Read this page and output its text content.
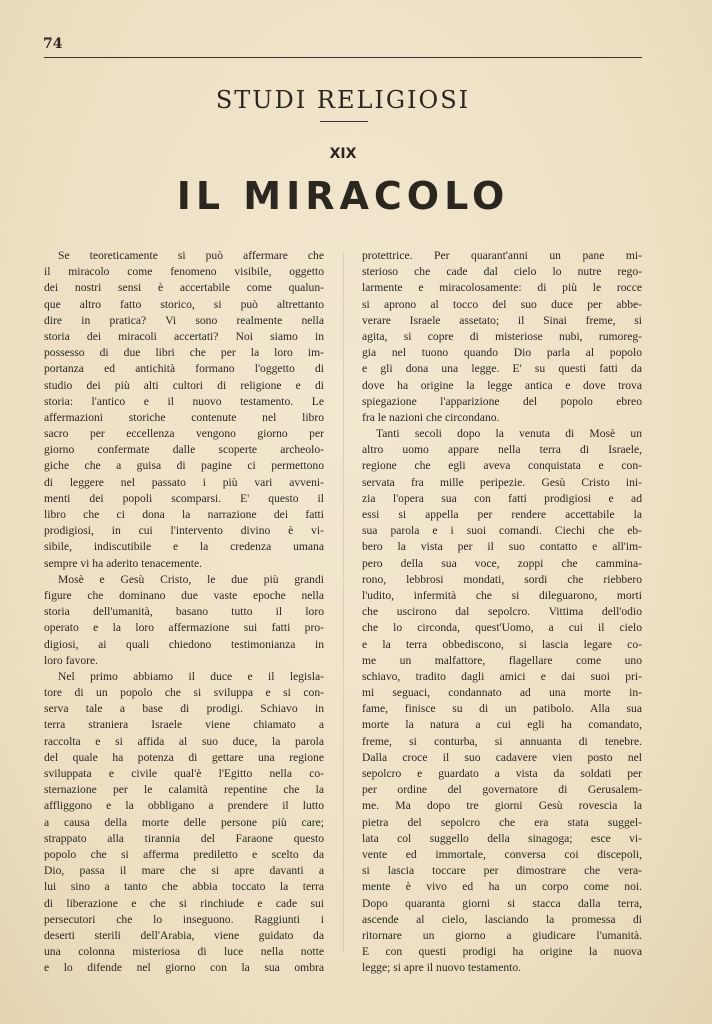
74
STUDI RELIGIOSI
XIX
IL MIRACOLO
Se teoreticamente si può affermare che
il miracolo come fenomeno visibile, oggetto
dei nostri sensi è accertabile come qualun-
que altro fatto storico, si può altrettanto
dire in pratica? Vi sono realmente nella
storia dei miracoli accertati? Noi siamo in
possesso di due libri che per la loro im-
portanza ed antichità formano l'oggetto di
studio dei più alti cultori di religione e di
storia: l'antico e il nuovo testamento. Le
affermazioni storiche contenute nel libro
sacro per eccellenza vengono giorno per
giorno confermate dalle scoperte archeolo-
giche che a guisa di pagine ci permettono
di leggere nel passato i più vari avveni-
menti dei popoli scomparsi. E' questo il
libro che ci dona la narrazione dei fatti
prodigiosi, in cui l'intervento divino è vi-
sibile, indiscutibile e la credenza umana
sempre vi ha aderito tenacemente.
Mosè e Gesù Cristo, le due più grandi
figure che dominano due vaste epoche nella
storia dell'umanità, basano tutto il loro
operato e la loro affermazione sui fatti pro-
digiosi, ai quali chiedono testimonianza in
loro favore.
Nel primo abbiamo il duce e il legisla-
tore di un popolo che si sviluppa e si con-
serva tale a base di prodigi. Schiavo in
terra straniera Israele viene chiamato a
raccolta e si affida al suo duce, la parola
del quale ha potenza di gettare una regione
sviluppata e civile qual'è l'Egitto nella co-
sternazione per le calamità repentine che la
affliggono e la obbligano a prendere il lutto
a causa della morte delle persone più care;
strappato alla tirannia del Faraone questo
popolo che si afferma prediletto e scelto da
Dio, passa il mare che si apre davanti a
lui sino a tanto che abbia toccato la terra
di liberazione e che si rinchiude e cade sui
persecutori che lo inseguono. Raggiunti i
deserti sterili dell'Arabia, viene guidato da
una colonna misteriosa di luce nella notte
e lo difende nel giorno con la sua ombra
protettrice. Per quarant'anni un pane mi-
sterioso che cade dal cielo lo nutre rego-
larmente e miracolosamente: di più le rocce
si aprono al tocco del suo duce per abbe-
verare Israele assetato; il Sinai freme, si
agita, si copre di misteriose nubi, rumoreg-
gia nel tuono quando Dio parla al popolo
e gli dona una legge. E' su questi fatti da
dove ha origine la legge antica e dove trova
spiegazione l'apparizione del popolo ebreo
fra le nazioni che circondano.
Tanti secoli dopo la venuta di Mosè un
altro uomo appare nella terra di Israele,
regione che egli aveva conquistata e con-
servata fra mille peripezie. Gesù Cristo ini-
zia l'opera sua con fatti prodigiosi e ad
essi si appella per rendere accettabile la
sua parola e i suoi comandi. Ciechi che eb-
bero la vista per il suo contatto e all'im-
pero della sua voce, zoppi che cammina-
rono, lebbrosi mondati, sordi che riebbero
l'udito, infermità che si dileguarono, morti
che uscirono dal sepolcro. Vittima dell'odio
che lo circonda, quest'Uomo, a cui il cielo
e la terra obbediscono, si lascia legare co-
me un malfattore, flagellare come uno
schiavo, tradito dagli amici e dai suoi pri-
mi seguaci, condannato ad una morte in-
fame, finisce su di un patibolo. Alla sua
morte la natura a cui egli ha comandato,
freme, si conturba, si annuanta di tenebre.
Dalla croce il suo cadavere vien posto nel
sepolcro e guardato a vista da soldati per
per ordine del governatore di Gerusalem-
me. Ma dopo tre giorni Gesù rovescia la
pietra del sepolcro che era stata suggel-
lata col suggello della sinagoga; esce vi-
vente ed immortale, conversa coi discepoli,
si lascia toccare per dimostrare che vera-
mente è vivo ed ha un corpo come noi.
Dopo quaranta giorni si stacca dalla terra,
ascende al cielo, lasciando la promessa di
ritornare un giorno a giudicare l'umanità.
E con questi prodigi ha origine la nuova
legge; si apre il nuovo testamento.
